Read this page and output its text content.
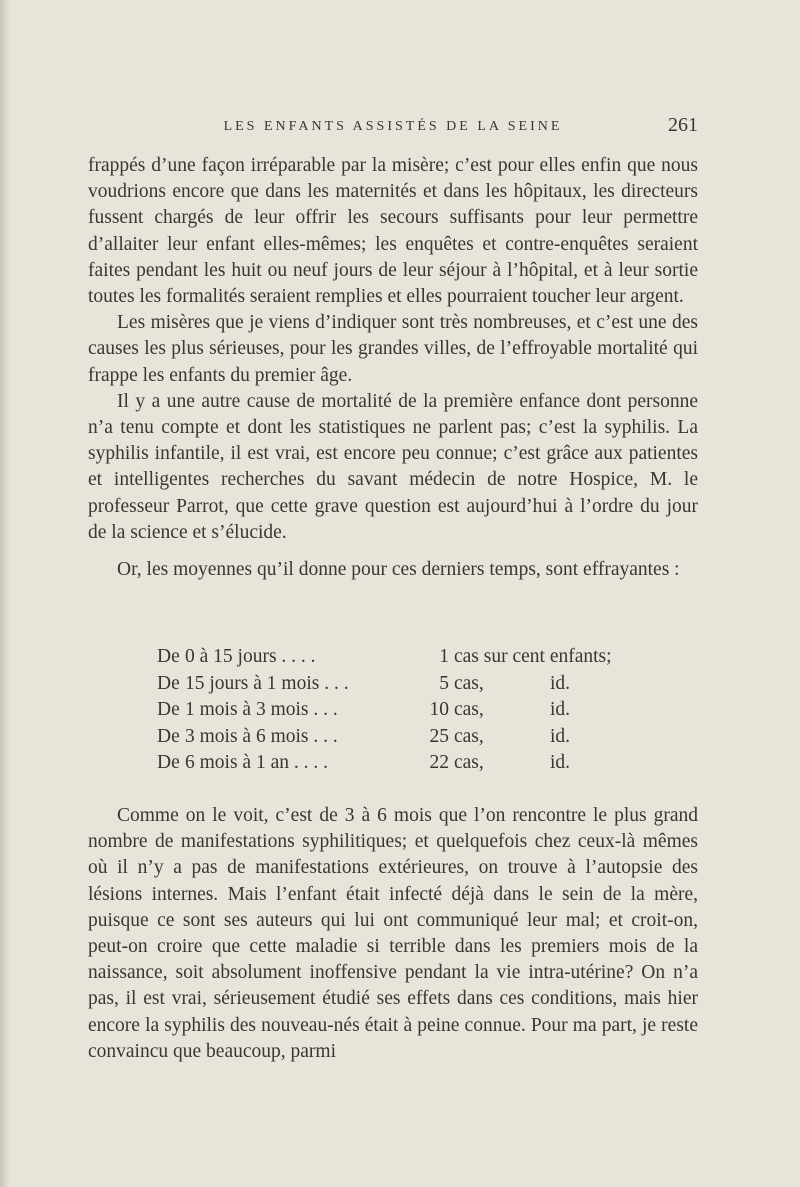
LES ENFANTS ASSISTÉS DE LA SEINE	261

frappés d’une façon irréparable par la misère; c’est pour elles enfin que nous voudrions encore que dans les maternités et dans les hôpitaux, les directeurs fussent chargés de leur offrir les secours suffisants pour leur permettre d’allaiter leur enfant elles-mêmes; les enquêtes et contre-enquêtes seraient faites pendant les huit ou neuf jours de leur séjour à l’hôpital, et à leur sortie toutes les formalités seraient remplies et elles pourraient toucher leur argent.

Les misères que je viens d’indiquer sont très nombreuses, et c’est une des causes les plus sérieuses, pour les grandes villes, de l’effroyable mortalité qui frappe les enfants du premier âge.

Il y a une autre cause de mortalité de la première enfance dont personne n’a tenu compte et dont les statistiques ne parlent pas; c’est la syphilis. La syphilis infantile, il est vrai, est encore peu connue; c’est grâce aux patientes et intelligentes recherches du savant médecin de notre Hospice, M. le professeur Parrot, que cette grave question est aujourd’hui à l’ordre du jour de la science et s’élucide.

Or, les moyennes qu’il donne pour ces derniers temps, sont effrayantes :

De 0 à 15 jours . . . .	1 cas sur cent enfants;
De 15 jours à 1 mois . . .	5 cas,	id.
De 1 mois à 3 mois . . .	10 cas,	id.
De 3 mois à 6 mois . . .	25 cas,	id.
De 6 mois à 1 an . . . .	22 cas,	id.

Comme on le voit, c’est de 3 à 6 mois que l’on rencontre le plus grand nombre de manifestations syphilitiques; et quelquefois chez ceux-là mêmes où il n’y a pas de manifestations extérieures, on trouve à l’autopsie des lésions internes. Mais l’enfant était infecté déjà dans le sein de la mère, puisque ce sont ses auteurs qui lui ont communiqué leur mal; et croit-on, peut-on croire que cette maladie si terrible dans les premiers mois de la naissance, soit absolument inoffensive pendant la vie intra-utérine? On n’a pas, il est vrai, sérieusement étudié ses effets dans ces conditions, mais hier encore la syphilis des nouveau-nés était à peine connue. Pour ma part, je reste convaincu que beaucoup, parmi
